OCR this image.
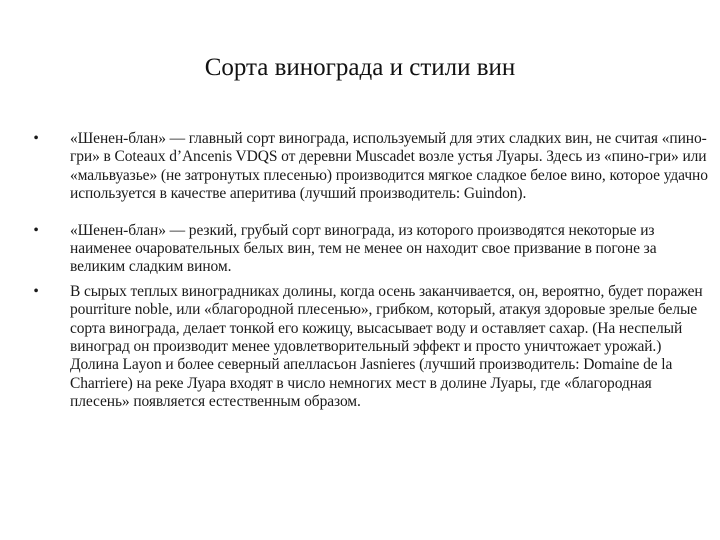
Сорта винограда и стили вин
• «Шенен-блан» — главный сорт винограда, используемый для этих сладких вин, не считая «пино-гри» в Coteaux d’Ancenis VDQS от деревни Muscadet возле устья Луары. Здесь из «пино-гри» или «мальвуазье» (не затронутых плесенью) производится мягкое сладкое белое вино, которое удачно используется в качестве аперитива (лучший производитель: Guindon).
• «Шенен-блан» — резкий, грубый сорт винограда, из которого производятся некоторые из наименее очаровательных белых вин, тем не менее он находит свое призвание в погоне за великим сладким вином.
• В сырых теплых виноградниках долины, когда осень заканчивается, он, вероятно, будет поражен pourriture noble, или «благородной плесенью», грибком, который, атакуя здоровые зрелые белые сорта винограда, делает тонкой его кожицу, высасывает воду и оставляет сахар. (На неспелый виноград он производит менее удовлетворительный эффект и просто уничтожает урожай.) Долина Layon и более северный апелласьон Jasnieres (лучший производитель: Domaine de la Charriere) на реке Луара входят в число немногих мест в долине Луары, где «благородная плесень» появляется естественным образом.
